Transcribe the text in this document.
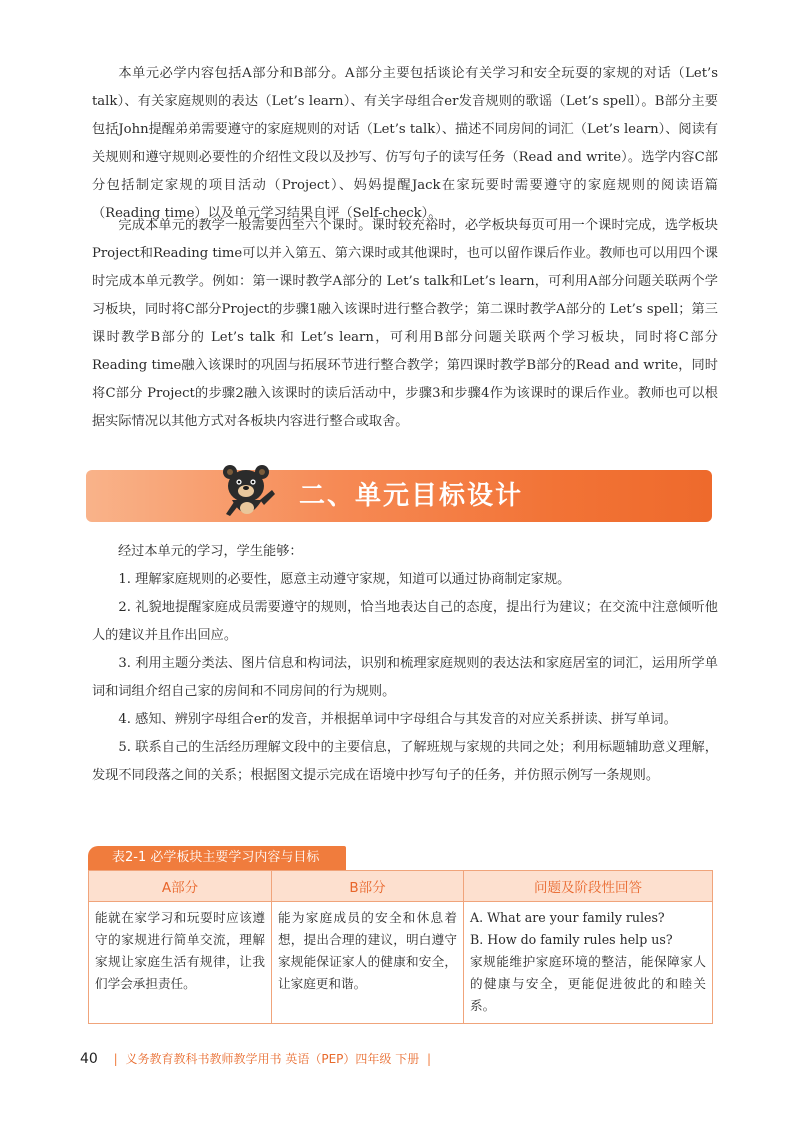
本单元必学内容包括A部分和B部分。A部分主要包括谈论有关学习和安全玩耍的家规的对话（Let’s talk）、有关家庭规则的表达（Let’s learn）、有关字母组合er发音规则的歌谣（Let’s spell）。B部分主要包括John提醒弟弟需要遵守的家庭规则的对话（Let’s talk）、描述不同房间的词汇（Let’s learn）、阅读有关规则和遵守规则必要性的介绍性文段以及抄写、仿写句子的读写任务（Read and write）。选学内容C部分包括制定家规的项目活动（Project）、妈妈提醒Jack在家玩要时需要遵守的家庭规则的阅读语篇（Reading time）以及单元学习结果自评（Self-check）。

完成本单元的教学一般需要四至六个课时。课时较充裕时，必学板块每页可用一个课时完成，选学板块Project和Reading time可以并入第五、第六课时或其他课时，也可以留作课后作业。教师也可以用四个课时完成本单元教学。例如：第一课时教学A部分的 Let’s talk和Let’s learn，可利用A部分问题关联两个学习板块，同时将C部分Project的步骤1融入该课时进行整合教学；第二课时教学A部分的 Let’s spell；第三课时教学B部分的 Let’s talk 和 Let’s learn，可利用B部分问题关联两个学习板块，同时将C部分Reading time融入该课时的巩固与拓展环节进行整合教学；第四课时教学B部分的Read and write，同时将C部分 Project的步骤2融入该课时的读后活动中，步骤3和步骤4作为该课时的课后作业。教师也可以根据实际情况以其他方式对各板块内容进行整合或取舍。

二、单元目标设计

经过本单元的学习，学生能够：

1. 理解家庭规则的必要性，愿意主动遵守家规，知道可以通过协商制定家规。
2. 礼貌地提醒家庭成员需要遵守的规则，恰当地表达自己的态度，提出行为建议；在交流中注意倾听他人的建议并且作出回应。
3. 利用主题分类法、图片信息和构词法，识别和梳理家庭规则的表达法和家庭居室的词汇，运用所学单词和词组介绍自己家的房间和不同房间的行为规则。
4. 感知、辨别字母组合er的发音，并根据单词中字母组合与其发音的对应关系拼读、拼写单词。
5. 联系自己的生活经历理解文段中的主要信息，了解班规与家规的共同之处；利用标题辅助意义理解，发现不同段落之间的关系；根据图文提示完成在语境中抄写句子的任务，并仿照示例写一条规则。
表2-1 必学板块主要学习内容与目标
A部分	B部分	问题及阶段性回答
能就在家学习和玩耍时应该遵守的家规进行简单交流，理解家规让家庭生活有规律，让我们学会承担责任。	能为家庭成员的安全和休息着想，提出合理的建议，明白遵守家规能保证家人的健康和安全，让家庭更和谐。	A. What are your family rules?
B. How do family rules help us?
家规能维护家庭环境的整洁，能保障家人的健康与安全，更能促进彼此的和睦关系。
40 | 义务教育教科书教师教学用书 英语（PEP）四年级 下册 |
